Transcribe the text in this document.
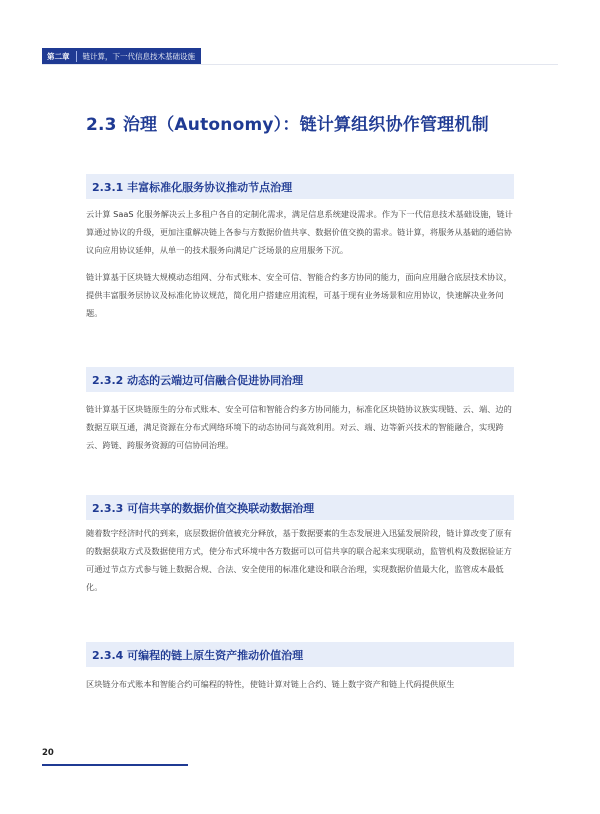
第二章	链计算，下一代信息技术基础设施
2.3 治理（Autonomy）：链计算组织协作管理机制
2.3.1 丰富标准化服务协议推动节点治理
云计算 SaaS 化服务解决云上多租户各自的定制化需求，满足信息系统建设需求。作为下一代信息技术基础设施，链计算通过协议的升级，更加注重解决链上各参与方数据价值共享、数据价值交换的需求。链计算，将服务从基础的通信协议向应用协议延伸，从单一的技术服务向满足广泛场景的应用服务下沉。
链计算基于区块链大规模动态组网、分布式账本、安全可信、智能合约多方协同的能力，面向应用融合底层技术协议，提供丰富服务层协议及标准化协议规范，简化用户搭建应用流程，可基于现有业务场景和应用协议，快速解决业务问题。
2.3.2 动态的云端边可信融合促进协同治理
链计算基于区块链原生的分布式账本、安全可信和智能合约多方协同能力，标准化区块链协议族实现链、云、端、边的数据互联互通，满足资源在分布式网络环境下的动态协同与高效利用。对云、端、边等新兴技术的智能融合，实现跨云、跨链、跨服务资源的可信协同治理。
2.3.3 可信共享的数据价值交换联动数据治理
随着数字经济时代的到来，底层数据价值被充分释放，基于数据要素的生态发展进入迅猛发展阶段，链计算改变了原有的数据获取方式及数据使用方式，使分布式环境中各方数据可以可信共享的联合起来实现联动，监管机构及数据验证方可通过节点方式参与链上数据合规、合法、安全使用的标准化建设和联合治理，实现数据价值最大化，监管成本最低化。
2.3.4 可编程的链上原生资产推动价值治理
区块链分布式账本和智能合约可编程的特性，使链计算对链上合约、链上数字资产和链上代码提供原生
20
